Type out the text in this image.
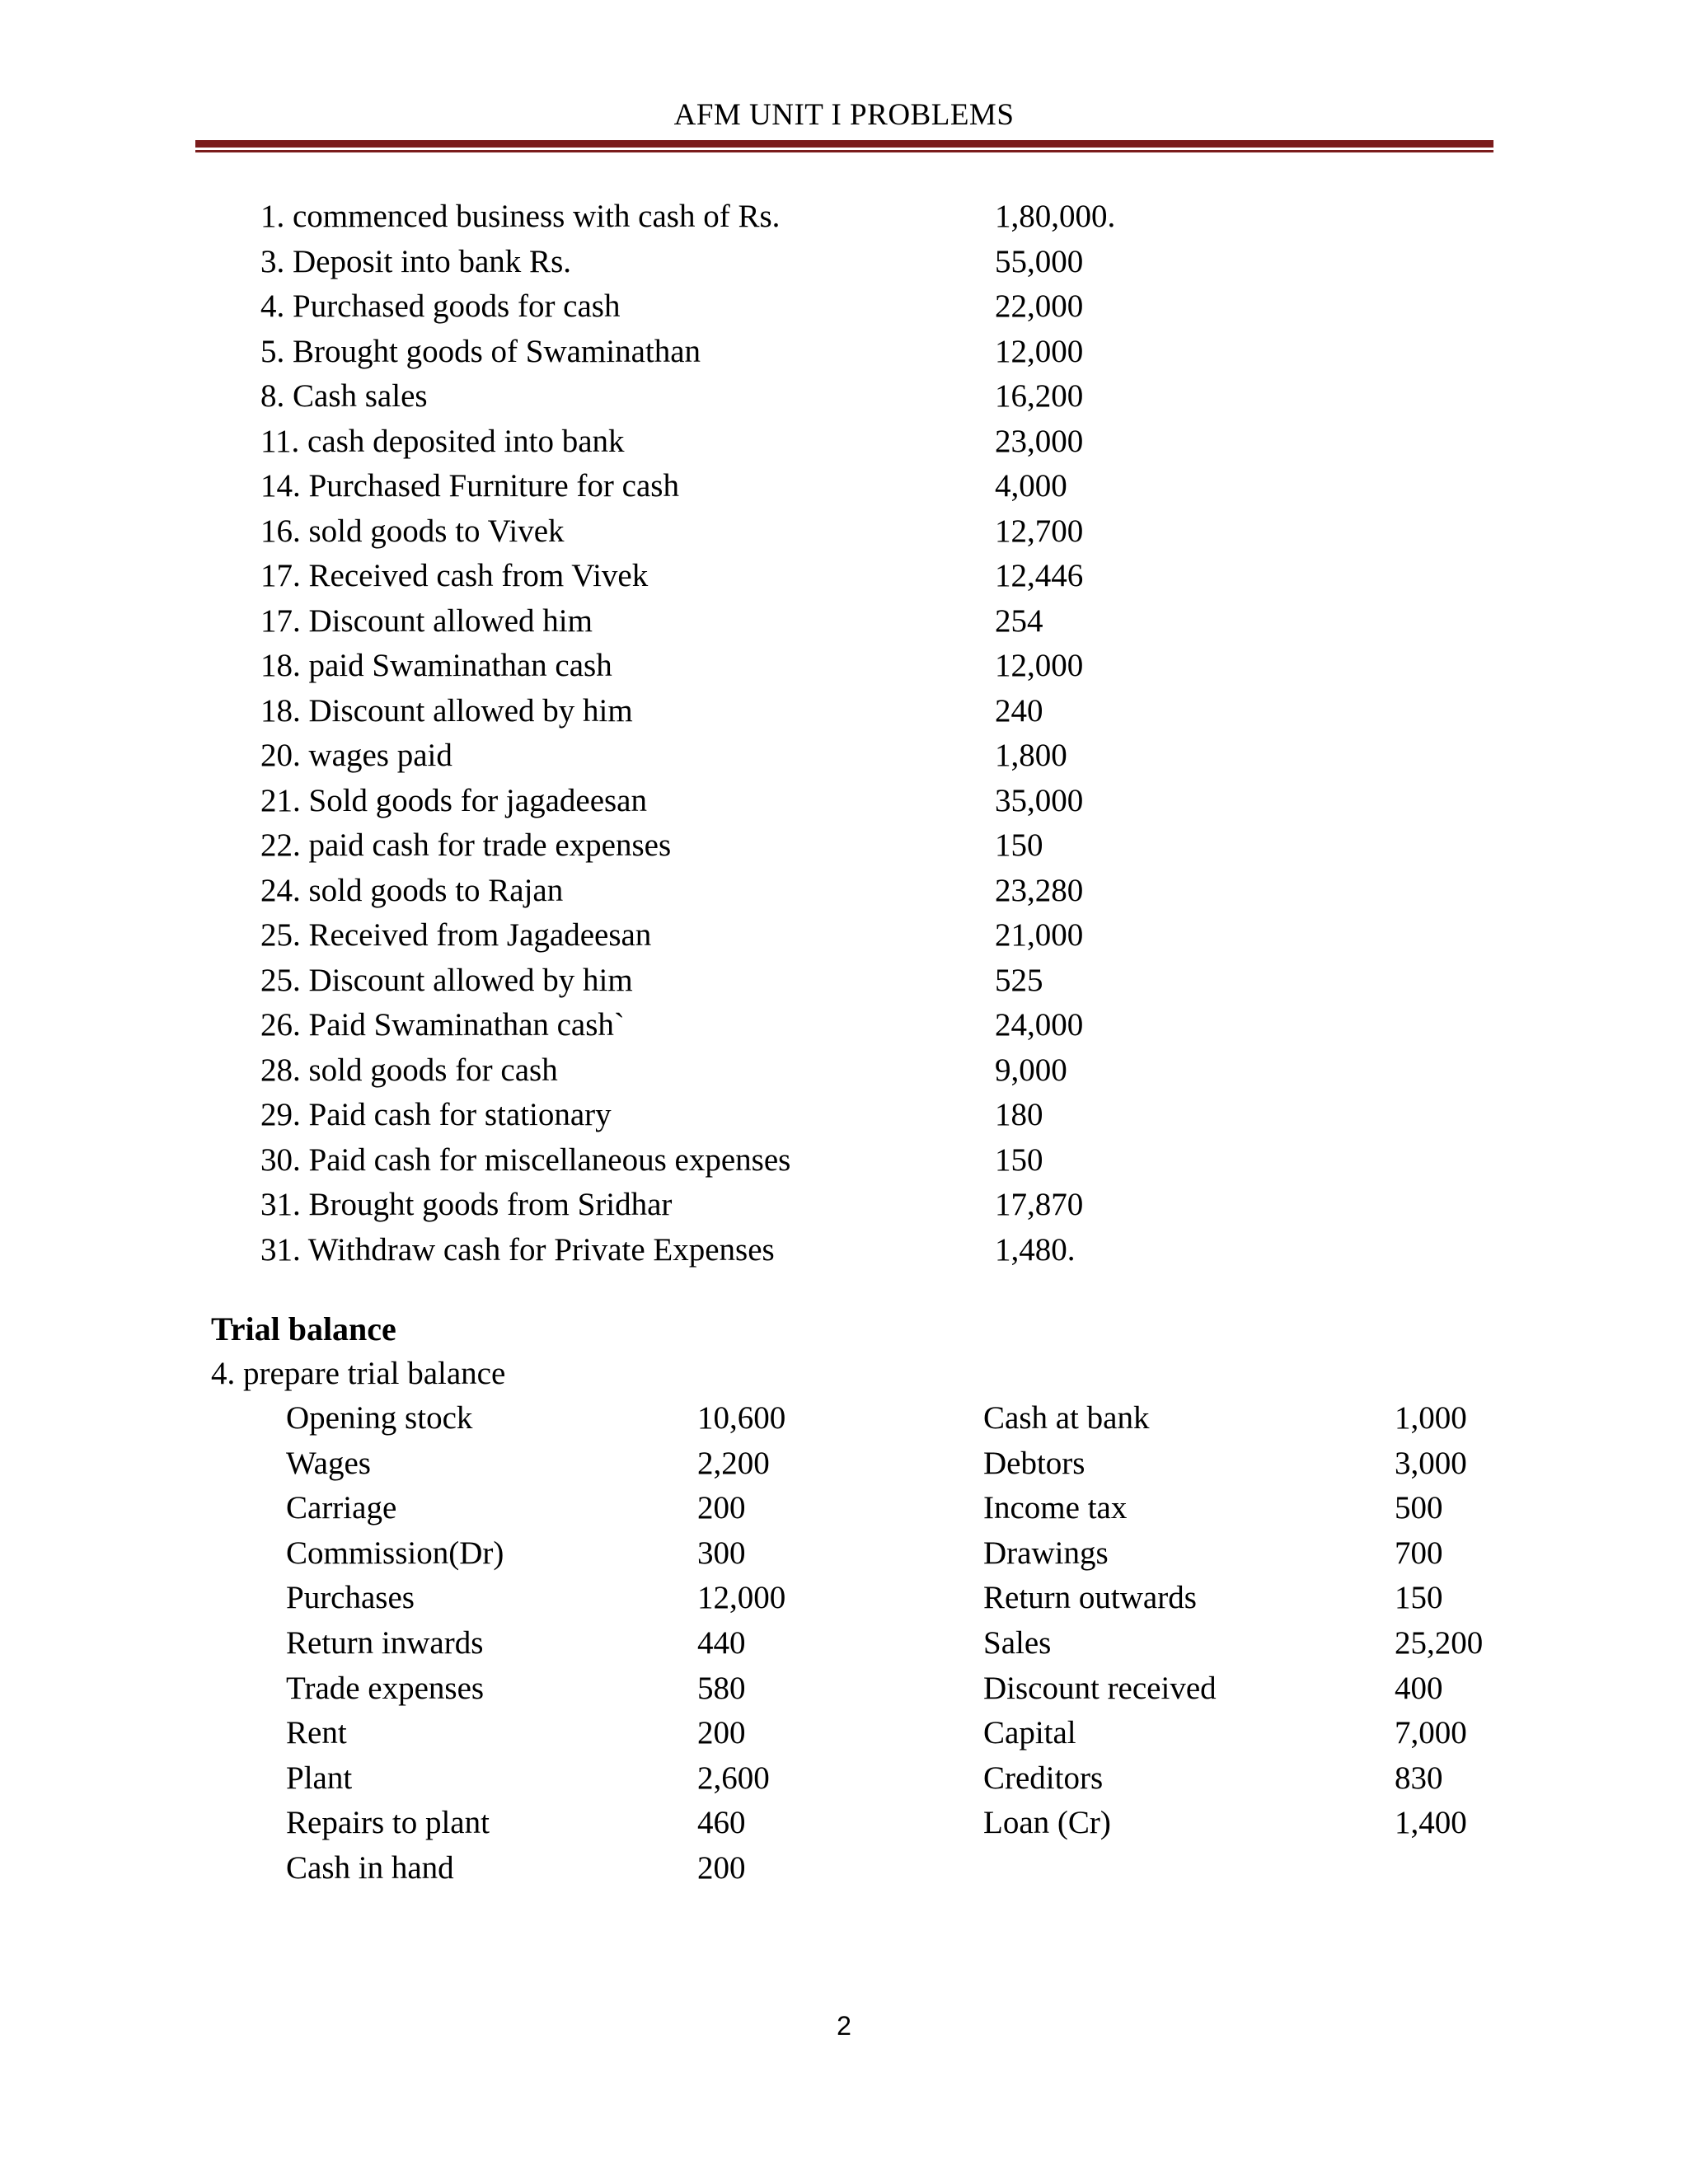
AFM UNIT I PROBLEMS
1. commenced business with cash of Rs.	1,80,000.
3. Deposit into bank Rs.	55,000
4. Purchased goods for cash	22,000
5. Brought goods of Swaminathan	12,000
8. Cash sales	16,200
11. cash deposited into bank	23,000
14. Purchased Furniture for cash	4,000
16. sold goods to Vivek	12,700
17. Received cash from Vivek	12,446
17. Discount allowed him	254
18. paid Swaminathan cash	12,000
18. Discount allowed by him	240
20. wages paid	1,800
21. Sold goods for jagadeesan	35,000
22. paid cash for trade expenses	150
24. sold goods to Rajan	23,280
25. Received from Jagadeesan	21,000
25. Discount allowed by him	525
26. Paid Swaminathan cash`	24,000
28. sold goods for cash	9,000
29. Paid cash for stationary	180
30. Paid cash for miscellaneous expenses	150
31. Brought goods from Sridhar	17,870
31. Withdraw cash for Private Expenses	1,480.
Trial balance
4. prepare trial balance
Opening stock	10,600	Cash at bank	1,000
Wages	2,200	Debtors	3,000
Carriage	200	Income tax	500
Commission(Dr)	300	Drawings	700
Purchases	12,000	Return outwards	150
Return inwards	440	Sales	25,200
Trade expenses	580	Discount received	400
Rent	200	Capital	7,000
Plant	2,600	Creditors	830
Repairs to plant	460	Loan (Cr)	1,400
Cash in hand	200
2
